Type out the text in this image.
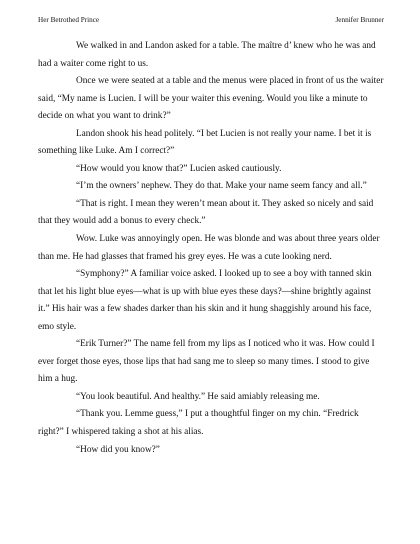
Her Betrothed Prince	Jennifer Brunner

We walked in and Landon asked for a table. The maître d’ knew who he was and had a waiter come right to us.

Once we were seated at a table and the menus were placed in front of us the waiter said, “My name is Lucien. I will be your waiter this evening. Would you like a minute to decide on what you want to drink?”

Landon shook his head politely. “I bet Lucien is not really your name. I bet it is something like Luke. Am I correct?”

“How would you know that?” Lucien asked cautiously.

“I’m the owners’ nephew. They do that. Make your name seem fancy and all.”

“That is right. I mean they weren’t mean about it. They asked so nicely and said that they would add a bonus to every check.”

Wow. Luke was annoyingly open. He was blonde and was about three years older than me. He had glasses that framed his grey eyes. He was a cute looking nerd.

“Symphony?” A familiar voice asked. I looked up to see a boy with tanned skin that let his light blue eyes—what is up with blue eyes these days?—shine brightly against it.” His hair was a few shades darker than his skin and it hung shaggishly around his face, emo style.

“Erik Turner?” The name fell from my lips as I noticed who it was. How could I ever forget those eyes, those lips that had sang me to sleep so many times. I stood to give him a hug.

“You look beautiful. And healthy.” He said amiably releasing me.

“Thank you. Lemme guess,” I put a thoughtful finger on my chin. “Fredrick right?” I whispered taking a shot at his alias.

“How did you know?”
